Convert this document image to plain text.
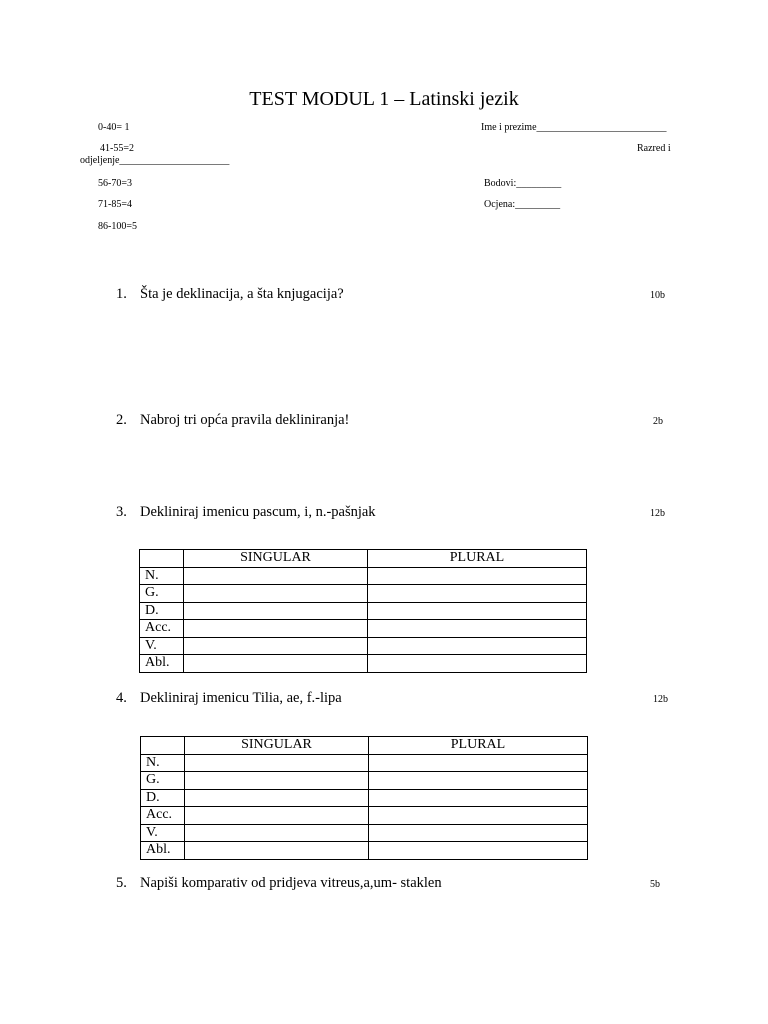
TEST MODUL 1 – Latinski jezik
0-40= 1
41-55=2
56-70=3
71-85=4
86-100=5
Ime i prezime__________________________
Razred i
odjeljenje______________________
Bodovi:_________
Ocjena:_________
1. Šta je deklinacija, a šta knjugacija?	10b
2. Nabroj tri opća pravila dekliniranja!	2b
3. Dekliniraj imenicu pascum, i, n.-pašnjak	12b
	SINGULAR	PLURAL
N.		
G.		
D.		
Acc.		
V.		
Abl.		
4. Dekliniraj imenicu Tilia, ae, f.-lipa	12b
	SINGULAR	PLURAL
N.		
G.		
D.		
Acc.		
V.		
Abl.		
5. Napiši komparativ od pridjeva vitreus,a,um- staklen	5b
